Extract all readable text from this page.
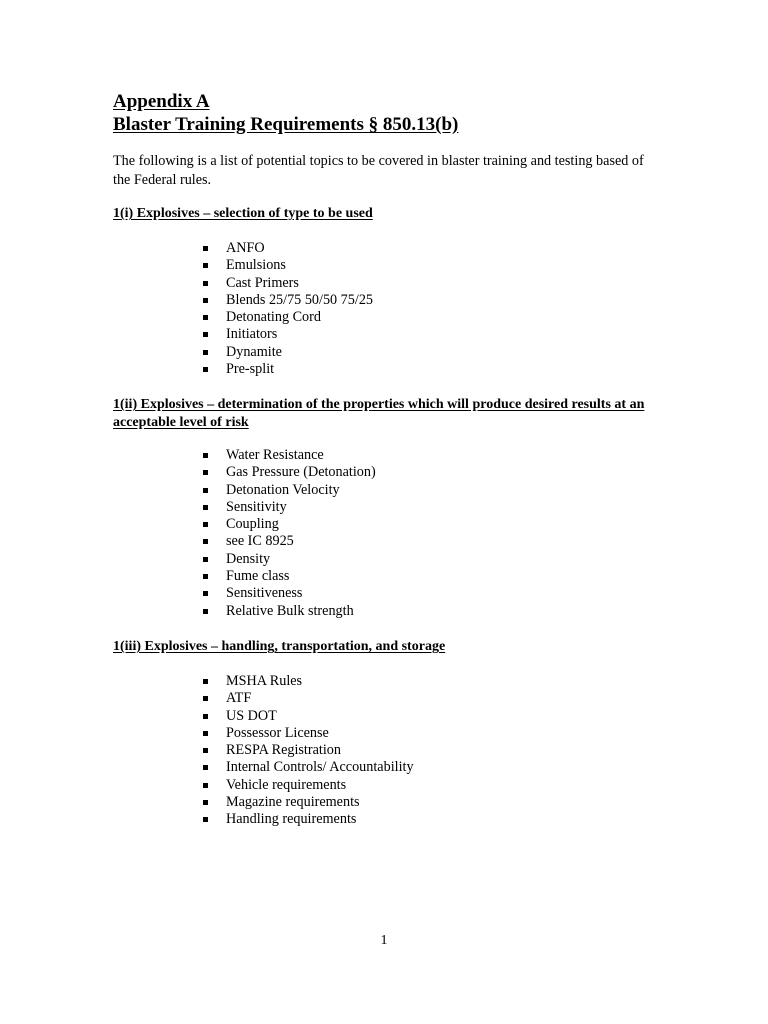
Appendix A
Blaster Training Requirements § 850.13(b)
The following is a list of potential topics to be covered in blaster training and testing based of the Federal rules.
1(i) Explosives – selection of type to be used
ANFO
Emulsions
Cast Primers
Blends 25/75 50/50 75/25
Detonating Cord
Initiators
Dynamite
Pre-split
1(ii) Explosives – determination of the properties which will produce desired results at an acceptable level of risk
Water Resistance
Gas Pressure (Detonation)
Detonation Velocity
Sensitivity
Coupling
see IC 8925
Density
Fume class
Sensitiveness
Relative Bulk strength
1(iii) Explosives – handling, transportation, and storage
MSHA Rules
ATF
US DOT
Possessor License
RESPA Registration
Internal Controls/ Accountability
Vehicle requirements
Magazine requirements
Handling requirements
1
